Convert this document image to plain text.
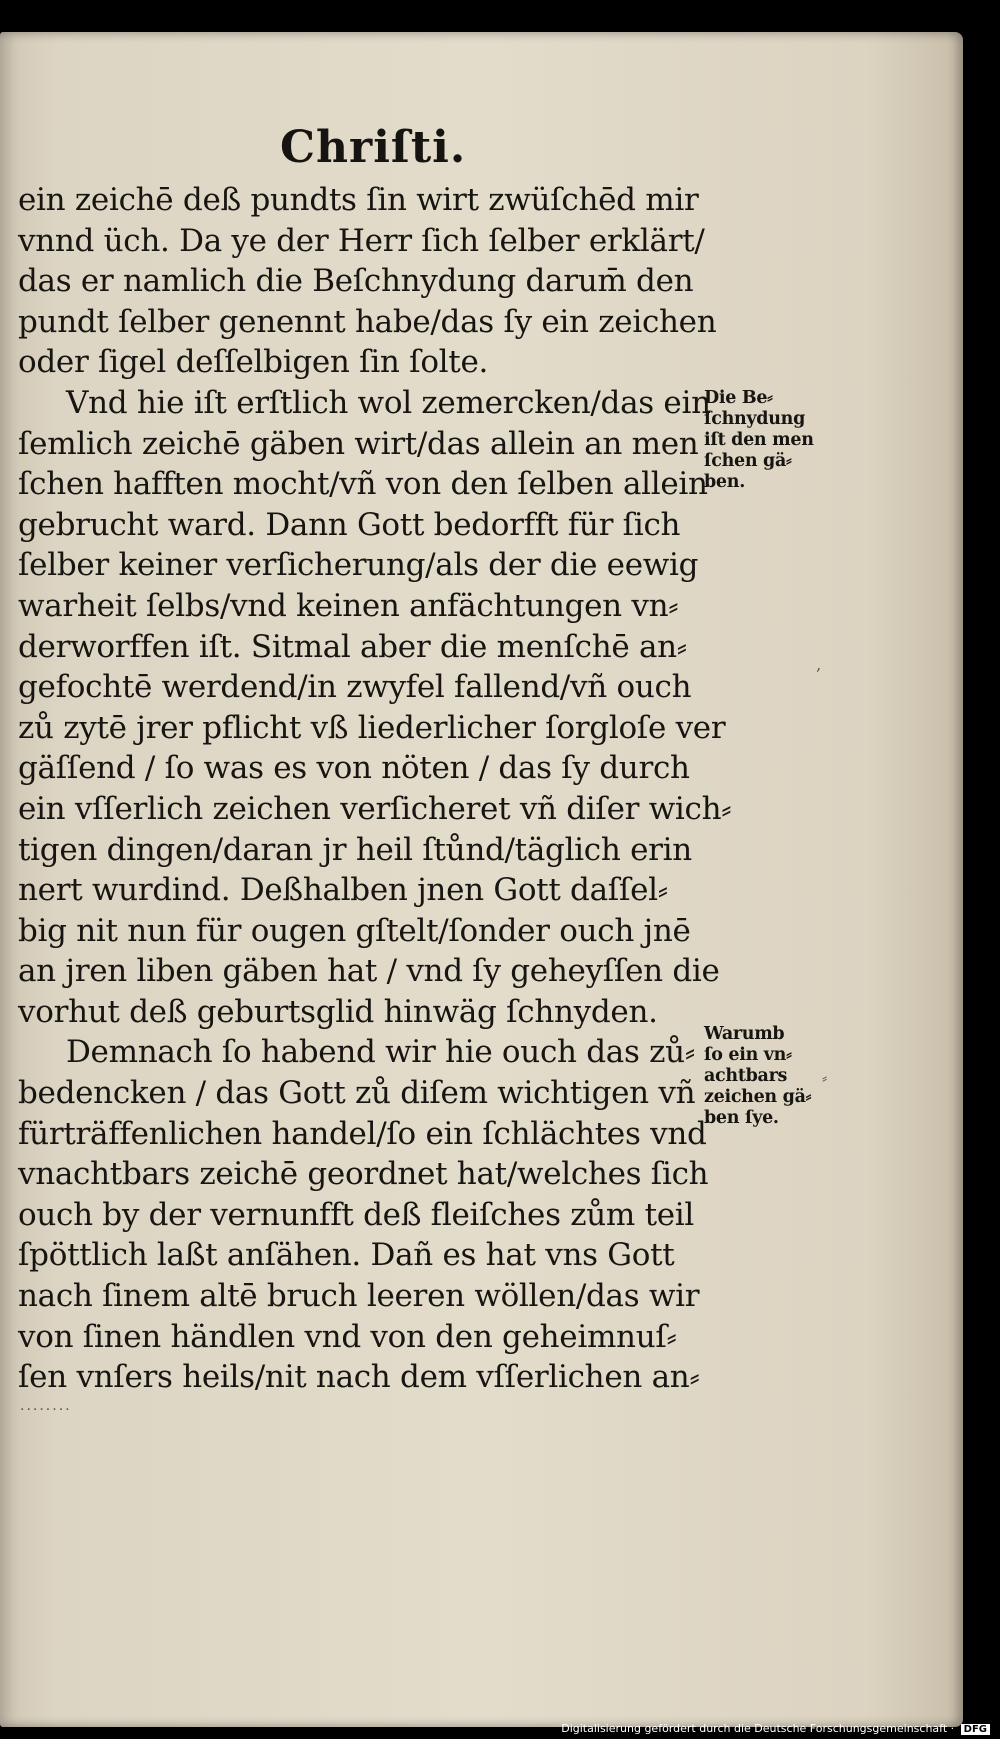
Chriſti.
ein zeichē deß pundts ſin wirt zwüſchēd mir
vnnd üch. Da ye der Herr ſich ſelber erklärt/
das er namlich die Beſchnydung darum̄ den
pundt ſelber genennt habe/das ſy ein zeichen
oder ſigel deſſelbigen ſin ſolte.
Vnd hie iſt erſtlich wol zemercken/das ein
ſemlich zeichē gäben wirt/das allein an men
ſchen hafften mocht/vñ von den ſelben allein
gebrucht ward. Dann Gott bedorfft für ſich
ſelber keiner verſicherung/als der die eewig
warheit ſelbs/vnd keinen anfächtungen vn⸗
derworffen iſt. Sitmal aber die menſchē an⸗
gefochtē werdend/in zwyfel fallend/vñ ouch
zů zytē jrer pflicht vß liederlicher ſorgloſe ver
gäſſend / ſo was es von nöten / das ſy durch
ein vſſerlich zeichen verſicheret vñ diſer wich⸗
tigen dingen/daran jr heil ſtůnd/täglich erin
nert wurdind. Deßhalben jnen Gott daſſel⸗
big nit nun für ougen gſtelt/ſonder ouch jnē
an jren liben gäben hat / vnd ſy geheyſſen die
vorhut deß geburtsglid hinwäg ſchnyden.
Demnach ſo habend wir hie ouch das zů⸗
bedencken / das Gott zů diſem wichtigen vñ
fürträffenlichen handel/ſo ein ſchlächtes vnd
vnachtbars zeichē geordnet hat/welches ſich
ouch by der vernunfft deß fleiſches zům teil
ſpöttlich laßt anſähen. Dañ es hat vns Gott
nach ſinem altē bruch leeren wöllen/das wir
von ſinen händlen vnd von den geheimnuſ⸗
ſen vnſers heils/nit nach dem vſſerlichen an⸗
Die Be⸗
ſchnydung
iſt den men
ſchen gä⸗
ben.
Warumb
ſo ein vn⸗
achtbars
zeichen gä⸗
ben ſye.
‚
⸗
........
Digitalisierung gefördert durch die Deutsche Forschungsgemeinschaft · DFG
